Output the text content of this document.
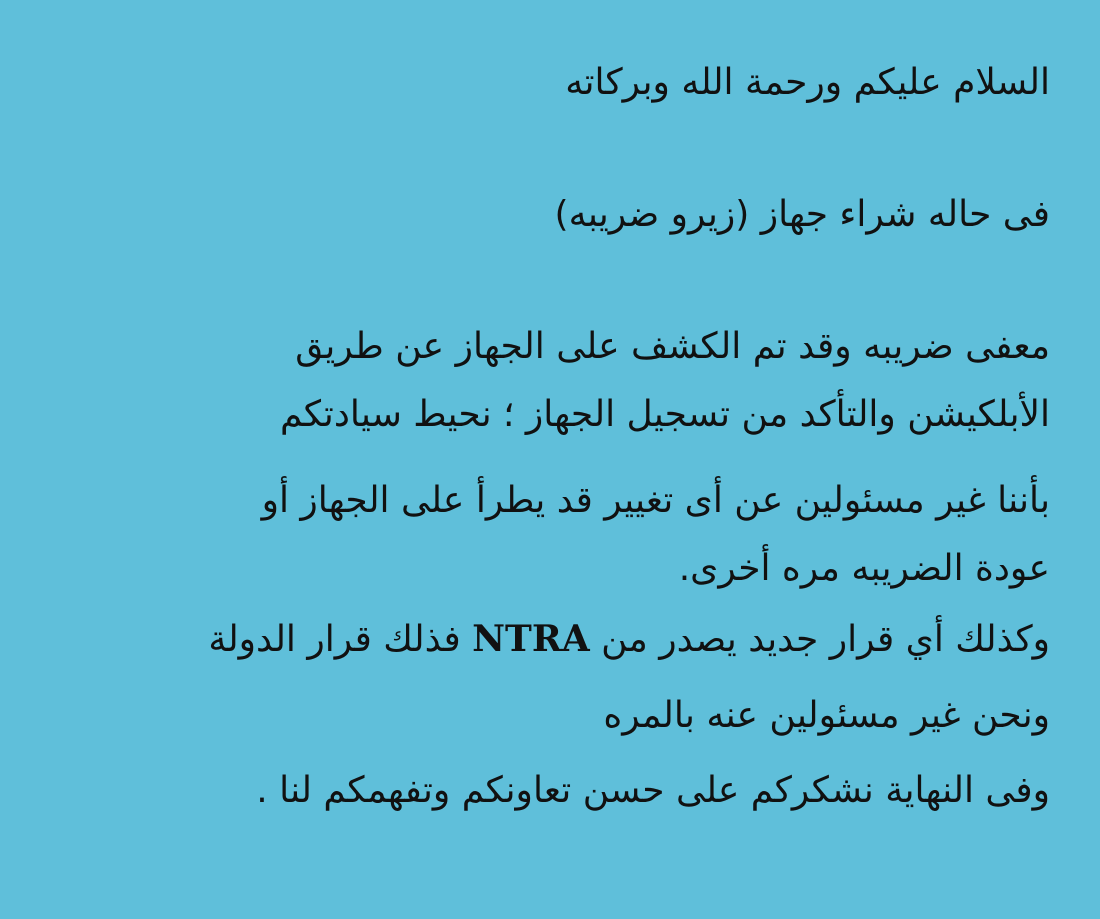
السلام عليكم ورحمة الله وبركاته
فى حاله شراء جهاز (زيرو ضريبه)
معفى ضريبه وقد تم الكشف على الجهاز عن طريق
الأبلكيشن والتأكد من تسجيل الجهاز ؛ نحيط سيادتكم
بأننا غير مسئولين عن أى تغيير قد يطرأ على الجهاز أو
عودة الضريبه مره أخرى.
وكذلك أي قرار جديد يصدر من NTRA فذلك قرار الدولة
ونحن غير مسئولين عنه بالمره
وفى النهاية نشكركم على حسن تعاونكم وتفهمكم لنا .
